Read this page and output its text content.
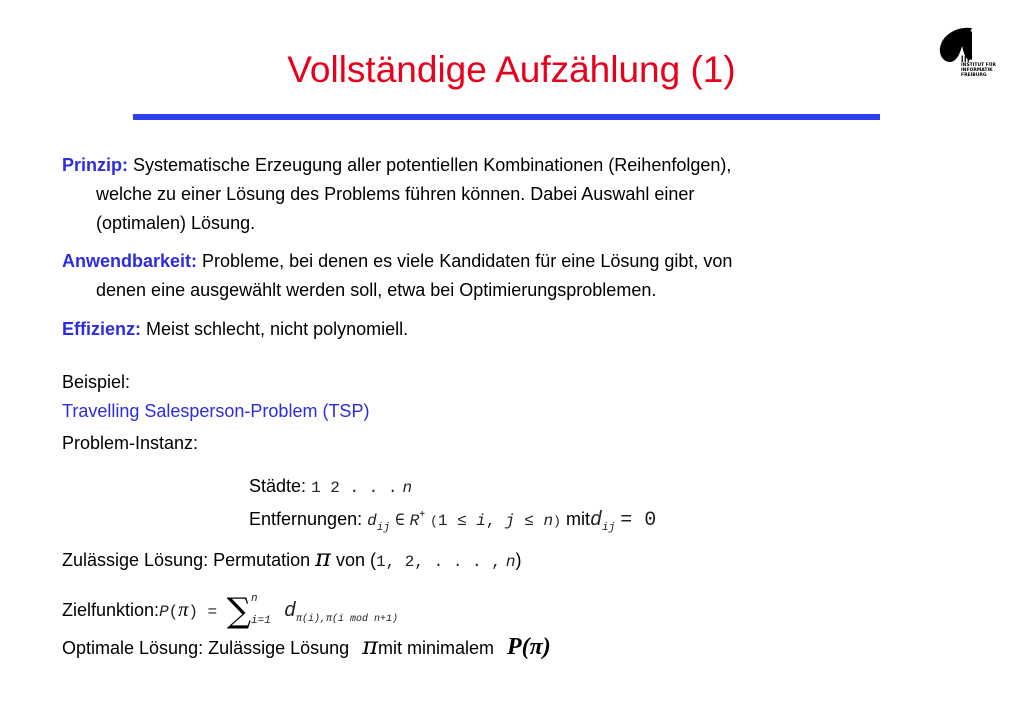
Vollständige Aufzählung (1)	IIF
INSTITUT FÜR
INFORMATIK
FREIBURG
Prinzip: Systematische Erzeugung aller potentiellen Kombinationen (Reihenfolgen),
welche zu einer Lösung des Problems führen können. Dabei Auswahl einer
(optimalen) Lösung.
Anwendbarkeit: Probleme, bei denen es viele Kandidaten für eine Lösung gibt, von
denen eine ausgewählt werden soll, etwa bei Optimierungsproblemen.
Effizienz: Meist schlecht, nicht polynomiell.
Beispiel:
Travelling Salesperson-Problem (TSP)
Problem-Instanz:
Städte: 1 2 . . . n
Entfernungen: $d_{ij}$ ∈ R+ (1 ≤ i, j ≤ n) mitd$_{ij}$ = 0
Zulässige Lösung: Permutation π von (1, 2, . . . , n)
Zielfunktion:P(π) = ∑ n
i=1 $d_{\pi(i),\pi(i mod n+1)}$
Optimale Lösung: Zulässige Lösung πmit minimalem P(π)
